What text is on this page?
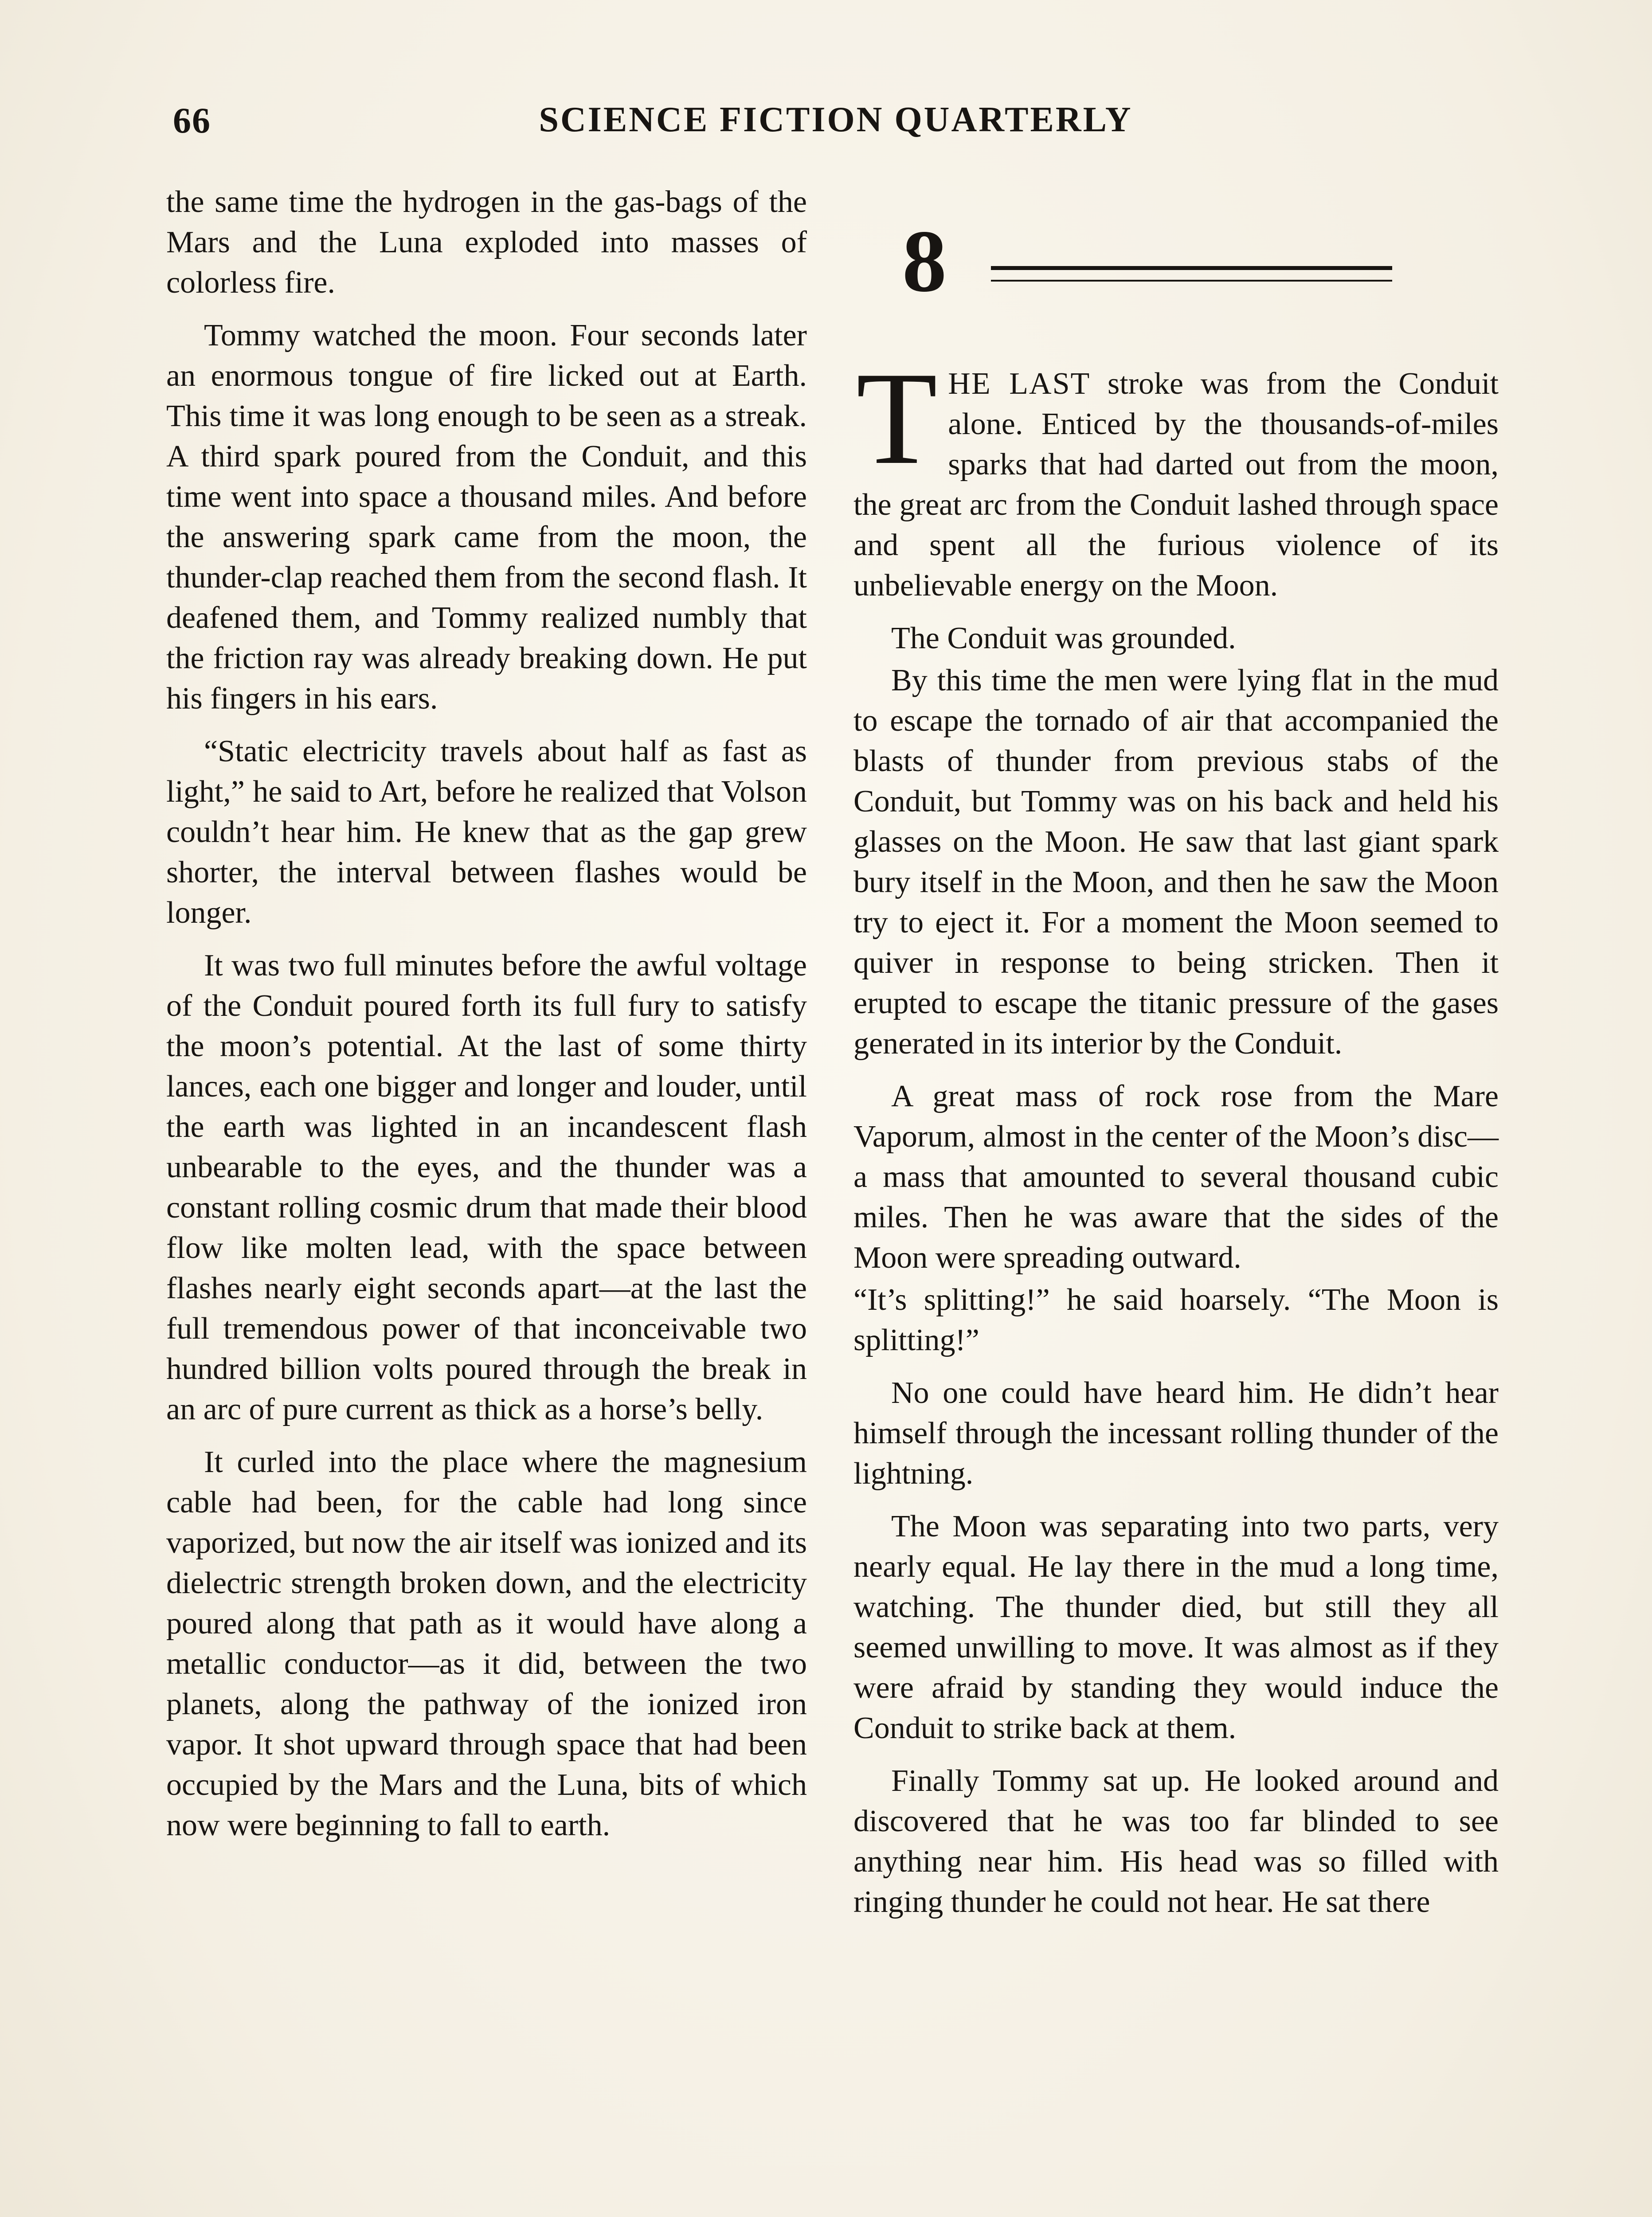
66	SCIENCE FICTION QUARTERLY

the same time the hydrogen in the gas-bags of the Mars and the Luna exploded into masses of colorless fire.

Tommy watched the moon. Four seconds later an enormous tongue of fire licked out at Earth. This time it was long enough to be seen as a streak. A third spark poured from the Conduit, and this time went into space a thousand miles. And before the answering spark came from the moon, the thunder-clap reached them from the second flash. It deafened them, and Tommy realized numbly that the friction ray was already breaking down. He put his fingers in his ears.

“Static electricity travels about half as fast as light,” he said to Art, before he realized that Volson couldn’t hear him. He knew that as the gap grew shorter, the interval between flashes would be longer.

It was two full minutes before the awful voltage of the Conduit poured forth its full fury to satisfy the moon’s potential. At the last of some thirty lances, each one bigger and longer and louder, until the earth was lighted in an incandescent flash unbearable to the eyes, and the thunder was a constant rolling cosmic drum that made their blood flow like molten lead, with the space between flashes nearly eight seconds apart—at the last the full tremendous power of that inconceivable two hundred billion volts poured through the break in an arc of pure current as thick as a horse’s belly.

It curled into the place where the magnesium cable had been, for the cable had long since vaporized, but now the air itself was ionized and its dielectric strength broken down, and the electricity poured along that path as it would have along a metallic conductor—as it did, between the two planets, along the pathway of the ionized iron vapor. It shot upward through space that had been occupied by the Mars and the Luna, bits of which now were beginning to fall to earth.

8

THE LAST stroke was from the Conduit alone. Enticed by the thousands-of-miles sparks that had darted out from the moon, the great arc from the Conduit lashed through space and spent all the furious violence of its unbelievable energy on the Moon.

The Conduit was grounded.

By this time the men were lying flat in the mud to escape the tornado of air that accompanied the blasts of thunder from previous stabs of the Conduit, but Tommy was on his back and held his glasses on the Moon. He saw that last giant spark bury itself in the Moon, and then he saw the Moon try to eject it. For a moment the Moon seemed to quiver in response to being stricken. Then it erupted to escape the titanic pressure of the gases generated in its interior by the Conduit.

A great mass of rock rose from the Mare Vaporum, almost in the center of the Moon’s disc—a mass that amounted to several thousand cubic miles. Then he was aware that the sides of the Moon were spreading outward.

“It’s splitting!” he said hoarsely. “The Moon is splitting!”

No one could have heard him. He didn’t hear himself through the incessant rolling thunder of the lightning.

The Moon was separating into two parts, very nearly equal. He lay there in the mud a long time, watching. The thunder died, but still they all seemed unwilling to move. It was almost as if they were afraid by standing they would induce the Conduit to strike back at them.

Finally Tommy sat up. He looked around and discovered that he was too far blinded to see anything near him. His head was so filled with ringing thunder he could not hear. He sat there
